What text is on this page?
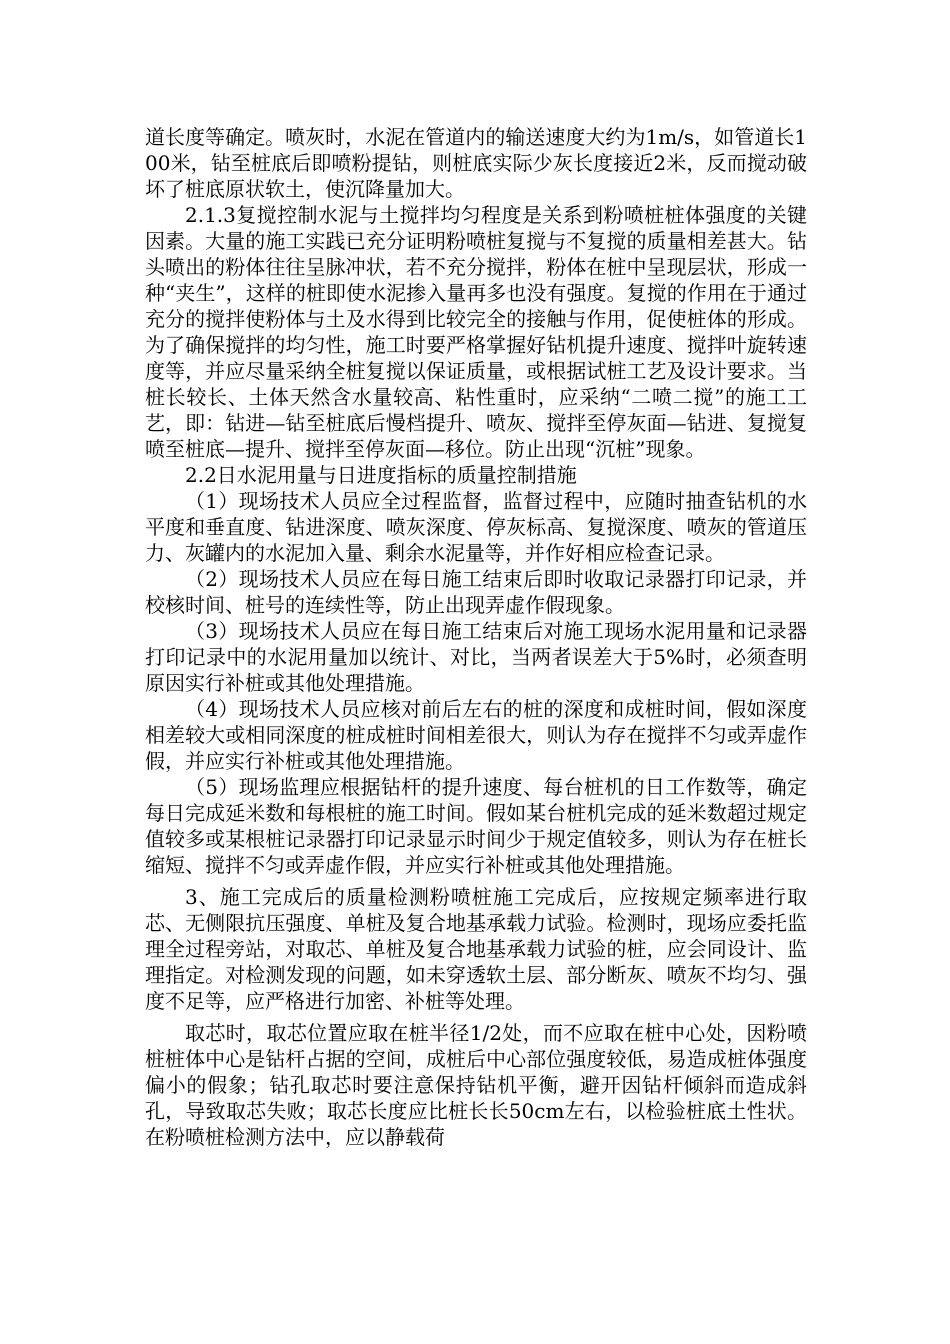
道长度等确定。喷灰时，水泥在管道内的输送速度大约为1m/s，如管道长100米，钻至桩底后即喷粉提钻，则桩底实际少灰长度接近2米，反而搅动破坏了桩底原状软土，使沉降量加大。

2.1.3复搅控制水泥与土搅拌均匀程度是关系到粉喷桩桩体强度的关键因素。大量的施工实践已充分证明粉喷桩复搅与不复搅的质量相差甚大。钻头喷出的粉体往往呈脉冲状，若不充分搅拌，粉体在桩中呈现层状，形成一种“夹生”，这样的桩即使水泥掺入量再多也没有强度。复搅的作用在于通过充分的搅拌使粉体与土及水得到比较完全的接触与作用，促使桩体的形成。为了确保搅拌的均匀性，施工时要严格掌握好钻机提升速度、搅拌叶旋转速度等，并应尽量采纳全桩复搅以保证质量，或根据试桩工艺及设计要求。当桩长较长、土体天然含水量较高、粘性重时，应采纳“二喷二搅”的施工工艺，即：钻进—钻至桩底后慢档提升、喷灰、搅拌至停灰面—钻进、复搅复喷至桩底—提升、搅拌至停灰面—移位。防止出现“沉桩”现象。

2.2日水泥用量与日进度指标的质量控制措施

（1）现场技术人员应全过程监督，监督过程中，应随时抽查钻机的水平度和垂直度、钻进深度、喷灰深度、停灰标高、复搅深度、喷灰的管道压力、灰罐内的水泥加入量、剩余水泥量等，并作好相应检查记录。

（2）现场技术人员应在每日施工结束后即时收取记录器打印记录，并校核时间、桩号的连续性等，防止出现弄虚作假现象。

（3）现场技术人员应在每日施工结束后对施工现场水泥用量和记录器打印记录中的水泥用量加以统计、对比，当两者误差大于5%时，必须查明原因实行补桩或其他处理措施。

（4）现场技术人员应核对前后左右的桩的深度和成桩时间，假如深度相差较大或相同深度的桩成桩时间相差很大，则认为存在搅拌不匀或弄虚作假，并应实行补桩或其他处理措施。

（5）现场监理应根据钻杆的提升速度、每台桩机的日工作数等，确定每日完成延米数和每根桩的施工时间。假如某台桩机完成的延米数超过规定值较多或某根桩记录器打印记录显示时间少于规定值较多，则认为存在桩长缩短、搅拌不匀或弄虚作假，并应实行补桩或其他处理措施。

3、施工完成后的质量检测粉喷桩施工完成后，应按规定频率进行取芯、无侧限抗压强度、单桩及复合地基承载力试验。检测时，现场应委托监理全过程旁站，对取芯、单桩及复合地基承载力试验的桩，应会同设计、监理指定。对检测发现的问题，如未穿透软土层、部分断灰、喷灰不均匀、强度不足等，应严格进行加密、补桩等处理。

取芯时，取芯位置应取在桩半径1/2处，而不应取在桩中心处，因粉喷桩桩体中心是钻杆占据的空间，成桩后中心部位强度较低，易造成桩体强度偏小的假象；钻孔取芯时要注意保持钻机平衡，避开因钻杆倾斜而造成斜孔，导致取芯失败；取芯长度应比桩长长50cm左右，以检验桩底土性状。在粉喷桩检测方法中，应以静载荷
